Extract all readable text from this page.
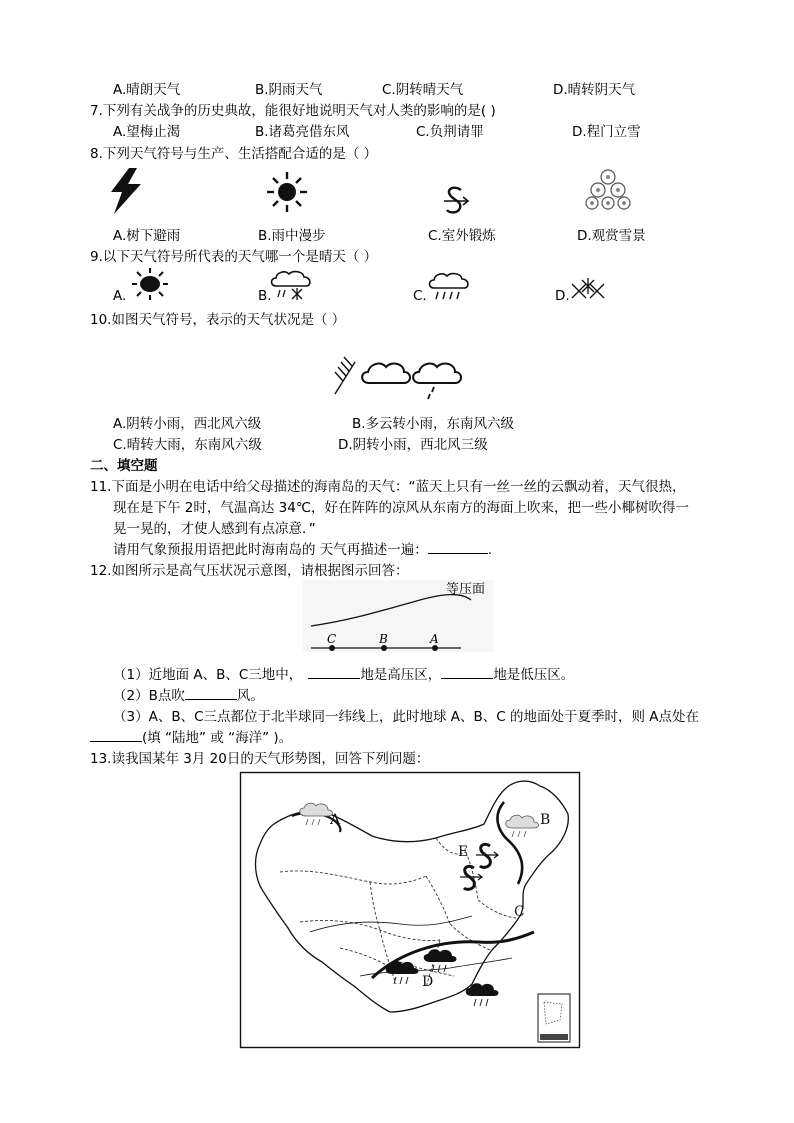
A.晴朗天气	B.阴雨天气	C.阴转晴天气	D.晴转阴天气
7.下列有关战争的历史典故，能很好地说明天气对人类的影响的是( )
A.望梅止渴	B.诸葛亮借东风	C.负荆请罪	D.程门立雪
8.下列天气符号与生产、生活搭配合适的是（ ）
A.树下避雨	B.雨中漫步	C.室外锻炼	D.观赏雪景
9.以下天气符号所代表的天气哪一个是晴天（ ）
A.	B.	C.	D.
10.如图天气符号，表示的天气状况是（ ）
A.阴转小雨，西北风六级	B.多云转小雨，东南风六级
C.晴转大雨，东南风六级	D.阴转小雨，西北风三级
二、填空题
11.下面是小明在电话中给父母描述的海南岛的天气：“蓝天上只有一丝一丝的云飘动着，天气很热，
现在是下午 2时，气温高达 34℃，好在阵阵的凉风从东南方的海面上吹来，把一些小椰树吹得一
晃一晃的，才使人感到有点凉意．”
请用气象预报用语把此时海南岛的 天气再描述一遍：	.
12.如图所示是高气压状况示意图，请根据图示回答：
等压面
C	B	A
（1）近地面 A、B、C三地中，	地是高压区，	地是低压区。
（2）B点吹	风。
（3）A、B、C三点都位于北半球同一纬线上，此时地球 A、B、C 的地面处于夏季时，则 A点处在
(填 “陆地” 或 “海洋” )。
13.读我国某年 3月 20日的天气形势图，回答下列问题：
A	B
C
D
E
